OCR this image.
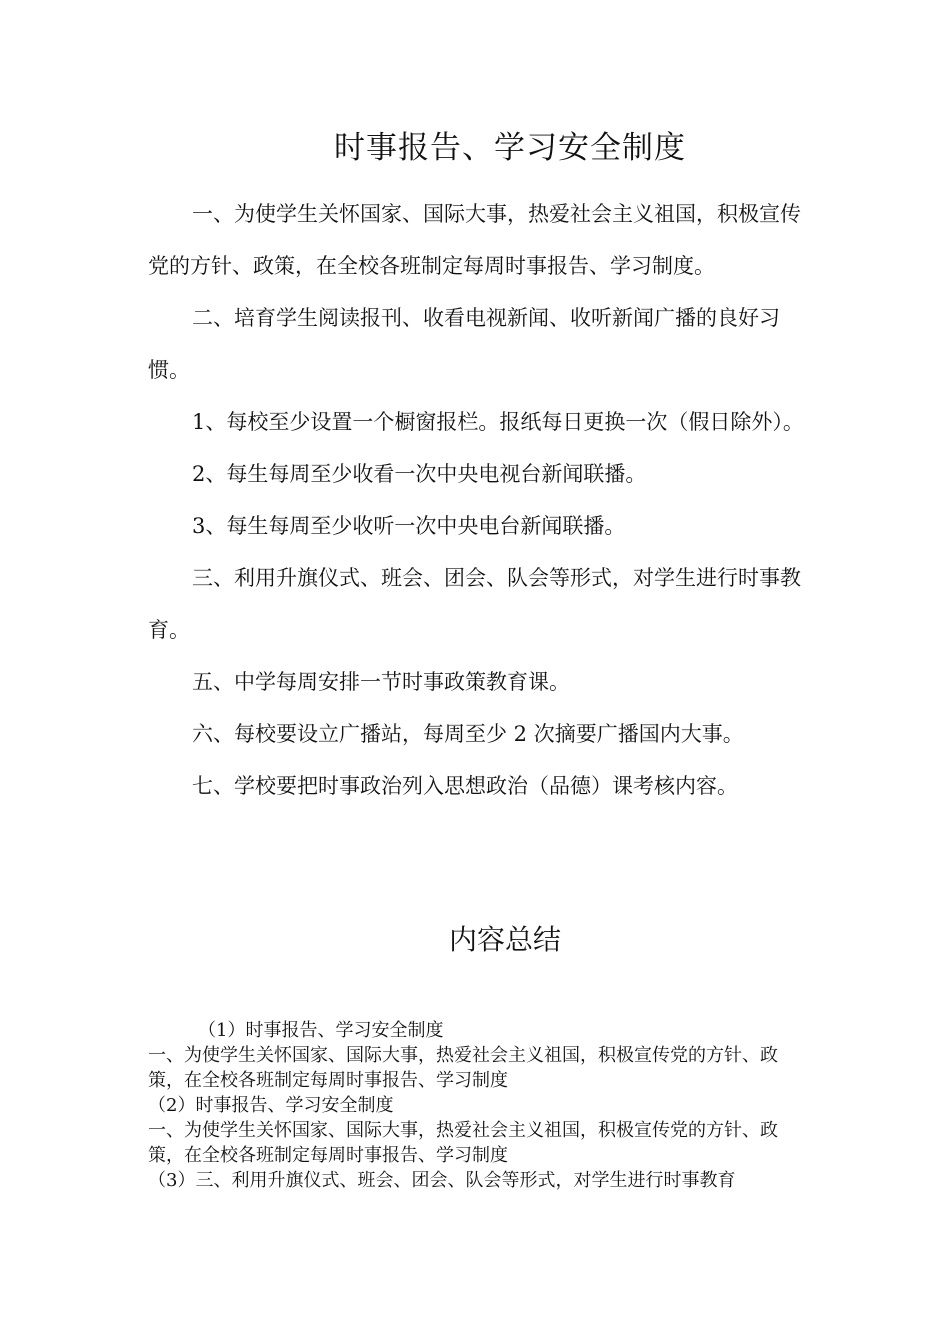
时事报告、学习安全制度

一、为使学生关怀国家、国际大事，热爱社会主义祖国，积极宣传党的方针、政策，在全校各班制定每周时事报告、学习制度。

二、培育学生阅读报刊、收看电视新闻、收听新闻广播的良好习惯。

1、每校至少设置一个橱窗报栏。报纸每日更换一次（假日除外）。

2、每生每周至少收看一次中央电视台新闻联播。

3、每生每周至少收听一次中央电台新闻联播。

三、利用升旗仪式、班会、团会、队会等形式，对学生进行时事教育。

五、中学每周安排一节时事政策教育课。

六、每校要设立广播站，每周至少 2 次摘要广播国内大事。

七、学校要把时事政治列入思想政治（品德）课考核内容。

内容总结
（1）时事报告、学习安全制度
一、为使学生关怀国家、国际大事，热爱社会主义祖国，积极宣传党的方针、政策，在全校各班制定每周时事报告、学习制度
（2）时事报告、学习安全制度
一、为使学生关怀国家、国际大事，热爱社会主义祖国，积极宣传党的方针、政策，在全校各班制定每周时事报告、学习制度
（3）三、利用升旗仪式、班会、团会、队会等形式，对学生进行时事教育
